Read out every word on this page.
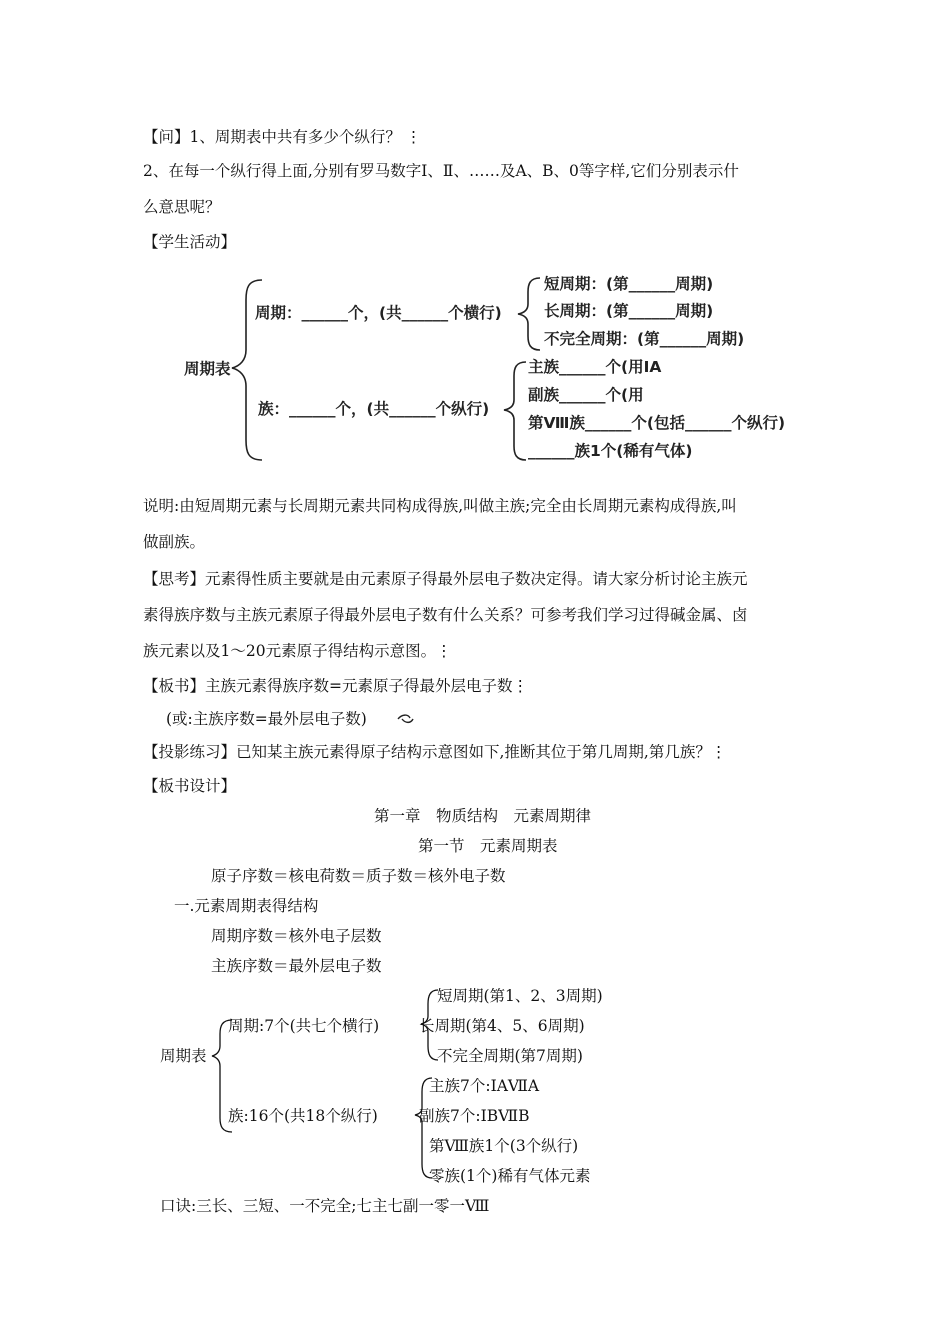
【问】1、周期表中共有多少个纵行？ ⋮
2、在每一个纵行得上面,分别有罗马数字Ⅰ、Ⅱ、……及A、B、0等字样,它们分别表示什
么意思呢？
【学生活动】
周期表
周期：______个，(共______个横行)
族：______个，(共______个纵行)
短周期：(第______周期)
长周期：(第______周期)
不完全周期：(第______周期)
主族______个(用ⅠA
副族______个(用
第Ⅷ族______个(包括______个纵行)
______族1个(稀有气体)
说明:由短周期元素与长周期元素共同构成得族,叫做主族;完全由长周期元素构成得族,叫
做副族。
【思考】元素得性质主要就是由元素原子得最外层电子数决定得。请大家分析讨论主族元
素得族序数与主族元素原子得最外层电子数有什么关系？可参考我们学习过得碱金属、卤
族元素以及1～20元素原子得结构示意图。⋮
【板书】主族元素得族序数=元素原子得最外层电子数⋮
(或:主族序数=最外层电子数)
【投影练习】已知某主族元素得原子结构示意图如下,推断其位于第几周期,第几族？⋮
【板书设计】
第一章　物质结构　元素周期律
第一节　元素周期表
原子序数＝核电荷数＝质子数＝核外电子数
一.元素周期表得结构
周期序数＝核外电子层数
主族序数＝最外层电子数
周期表
周期:7个(共七个横行)
族:16个(共18个纵行)
短周期(第1、2、3周期)
长周期(第4、5、6周期)
不完全周期(第7周期)
主族7个:ⅠAⅦA
副族7个:IBⅦB
第Ⅷ族1个(3个纵行)
零族(1个)稀有气体元素
口诀:三长、三短、一不完全;七主七副一零一Ⅷ
